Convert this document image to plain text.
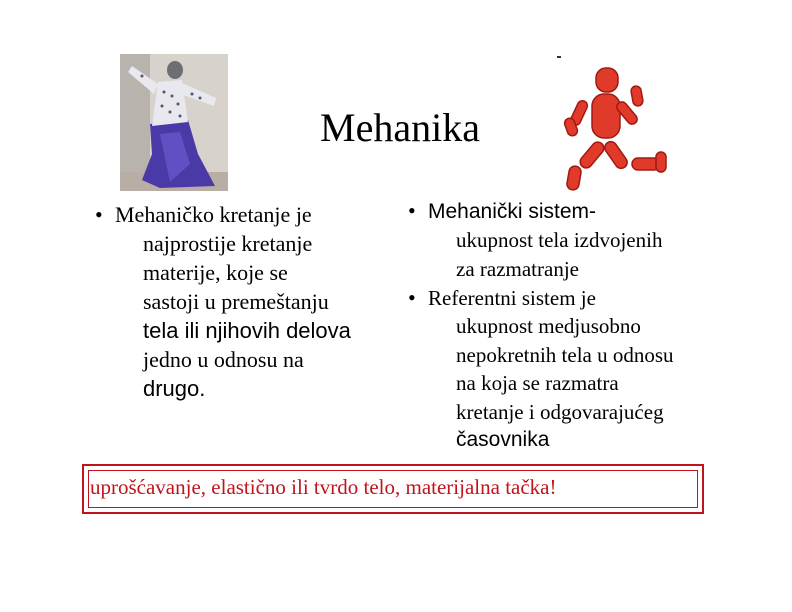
Mehanika
• Mehaničko kretanje je
najprostije kretanje
materije, koje se
sastoji u premeštanju
tela ili njihovih delova
jedno u odnosu na
drugo.
• Mehanički sistem-
ukupnost tela izdvojenih
za razmatranje
• Referentni sistem je
ukupnost medjusobno
nepokretnih tela u odnosu
na koja se razmatra
kretanje i odgovarajućeg
časovnika
uprošćavanje, elastično ili tvrdo telo, materijalna tačka!
